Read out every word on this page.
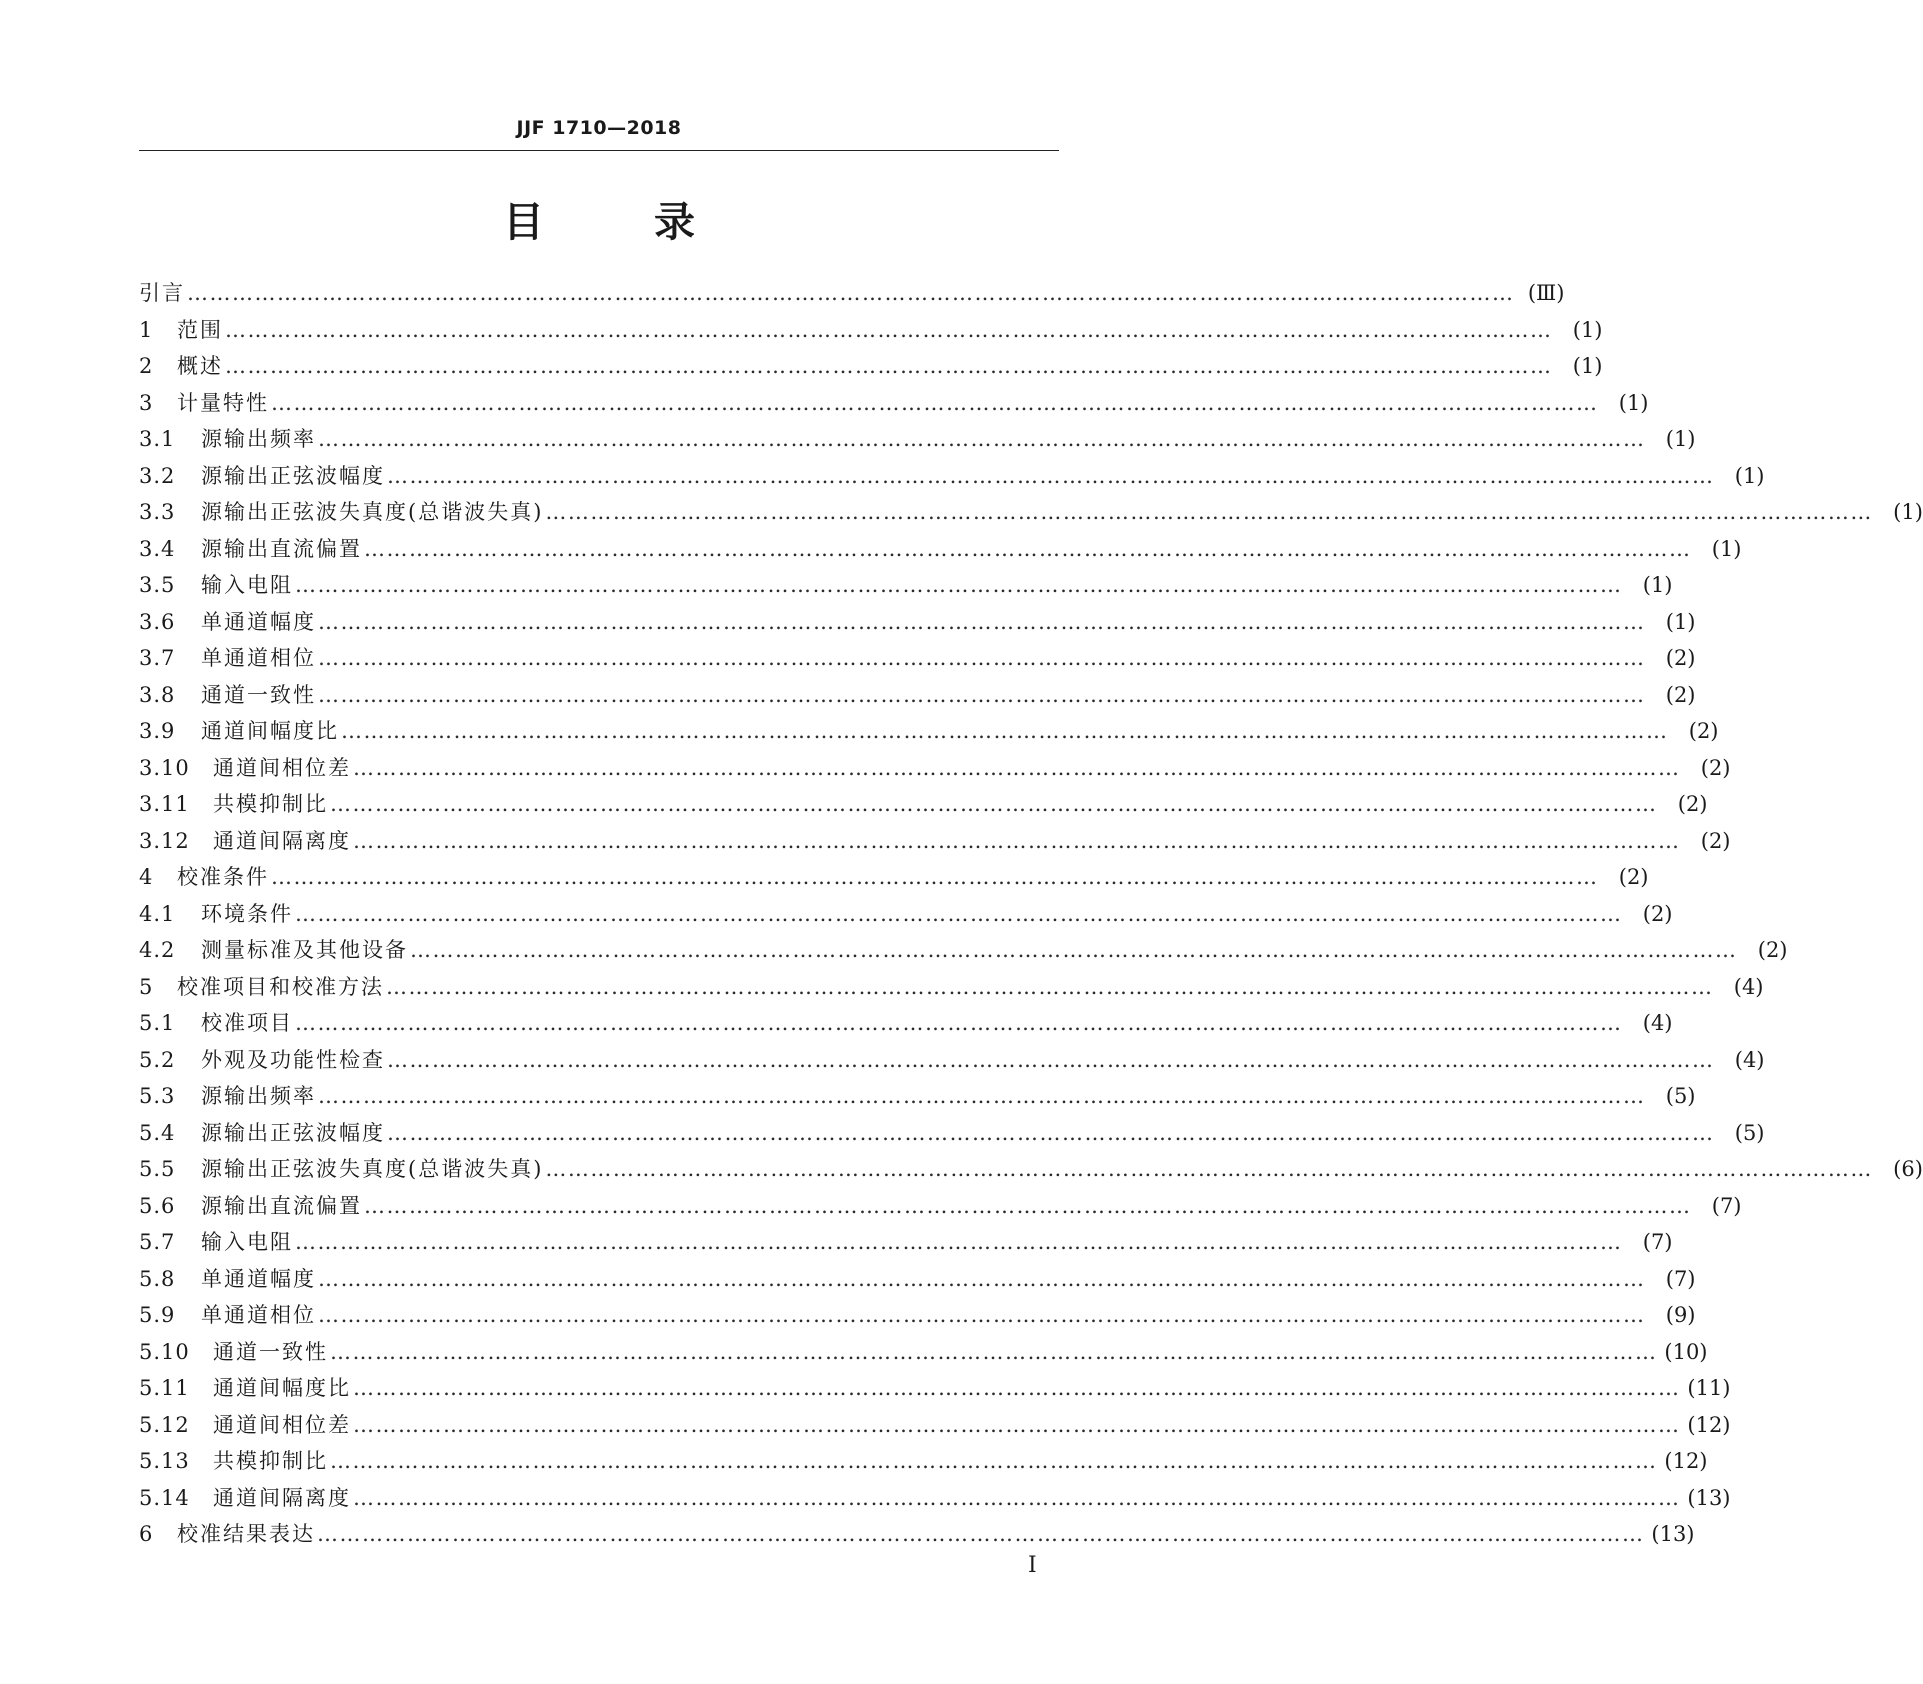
JJF 1710—2018
目	录
引言 …………………………………………………………………………………………………………………………………………………………… (Ⅲ)
1	范围 …………………………………………………………………………………………………………………………………………………………… (1)
2	概述 …………………………………………………………………………………………………………………………………………………………… (1)
3	计量特性 …………………………………………………………………………………………………………………………………………………………… (1)
3.1	源输出频率 …………………………………………………………………………………………………………………………………………………………… (1)
3.2	源输出正弦波幅度 …………………………………………………………………………………………………………………………………………………………… (1)
3.3	源输出正弦波失真度(总谐波失真) …………………………………………………………………………………………………………………………………………………………… (1)
3.4	源输出直流偏置 …………………………………………………………………………………………………………………………………………………………… (1)
3.5	输入电阻 …………………………………………………………………………………………………………………………………………………………… (1)
3.6	单通道幅度 …………………………………………………………………………………………………………………………………………………………… (1)
3.7	单通道相位 …………………………………………………………………………………………………………………………………………………………… (2)
3.8	通道一致性 …………………………………………………………………………………………………………………………………………………………… (2)
3.9	通道间幅度比 …………………………………………………………………………………………………………………………………………………………… (2)
3.10	通道间相位差 …………………………………………………………………………………………………………………………………………………………… (2)
3.11	共模抑制比 …………………………………………………………………………………………………………………………………………………………… (2)
3.12	通道间隔离度 …………………………………………………………………………………………………………………………………………………………… (2)
4	校准条件 …………………………………………………………………………………………………………………………………………………………… (2)
4.1	环境条件 …………………………………………………………………………………………………………………………………………………………… (2)
4.2	测量标准及其他设备 …………………………………………………………………………………………………………………………………………………………… (2)
5	校准项目和校准方法 …………………………………………………………………………………………………………………………………………………………… (4)
5.1	校准项目 …………………………………………………………………………………………………………………………………………………………… (4)
5.2	外观及功能性检查 …………………………………………………………………………………………………………………………………………………………… (4)
5.3	源输出频率 …………………………………………………………………………………………………………………………………………………………… (5)
5.4	源输出正弦波幅度 …………………………………………………………………………………………………………………………………………………………… (5)
5.5	源输出正弦波失真度(总谐波失真) …………………………………………………………………………………………………………………………………………………………… (6)
5.6	源输出直流偏置 …………………………………………………………………………………………………………………………………………………………… (7)
5.7	输入电阻 …………………………………………………………………………………………………………………………………………………………… (7)
5.8	单通道幅度 …………………………………………………………………………………………………………………………………………………………… (7)
5.9	单通道相位 …………………………………………………………………………………………………………………………………………………………… (9)
5.10	通道一致性 …………………………………………………………………………………………………………………………………………………………… (10)
5.11	通道间幅度比 …………………………………………………………………………………………………………………………………………………………… (11)
5.12	通道间相位差 …………………………………………………………………………………………………………………………………………………………… (12)
5.13	共模抑制比 …………………………………………………………………………………………………………………………………………………………… (12)
5.14	通道间隔离度 …………………………………………………………………………………………………………………………………………………………… (13)
6	校准结果表达 …………………………………………………………………………………………………………………………………………………………… (13)
Ⅰ
